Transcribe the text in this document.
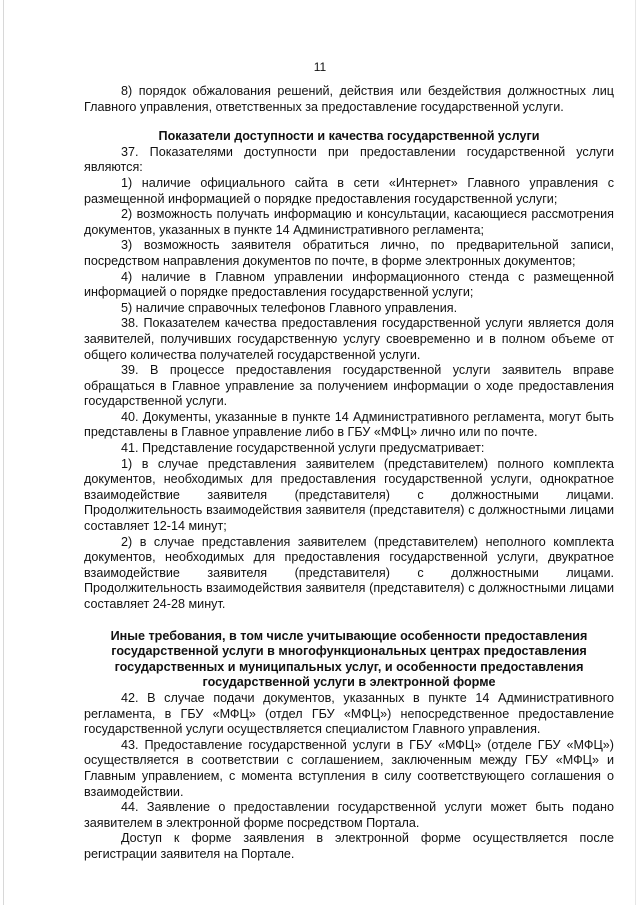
11

8) порядок обжалования решений, действия или бездействия должностных лиц Главного управления, ответственных за предоставление государственной услуги.

Показатели доступности и качества государственной услуги

37. Показателями доступности при предоставлении государственной услуги являются:

1) наличие официального сайта в сети «Интернет» Главного управления с размещенной информацией о порядке предоставления государственной услуги;

2) возможность получать информацию и консультации, касающиеся рассмотрения документов, указанных в пункте 14 Административного регламента;

3) возможность заявителя обратиться лично, по предварительной записи, посредством направления документов по почте, в форме электронных документов;

4) наличие в Главном управлении информационного стенда с размещенной информацией о порядке предоставления государственной услуги;

5) наличие справочных телефонов Главного управления.

38. Показателем качества предоставления государственной услуги является доля заявителей, получивших государственную услугу своевременно и в полном объеме от общего количества получателей государственной услуги.

39. В процессе предоставления государственной услуги заявитель вправе обращаться в Главное управление за получением информации о ходе предоставления государственной услуги.

40. Документы, указанные в пункте 14 Административного регламента, могут быть представлены в Главное управление либо в ГБУ «МФЦ» лично или по почте.

41. Представление государственной услуги предусматривает:

1) в случае представления заявителем (представителем) полного комплекта документов, необходимых для предоставления государственной услуги, однократное взаимодействие заявителя (представителя) с должностными лицами. Продолжительность взаимодействия заявителя (представителя) с должностными лицами составляет 12-14 минут;

2) в случае представления заявителем (представителем) неполного комплекта документов, необходимых для предоставления государственной услуги, двукратное взаимодействие заявителя (представителя) с должностными лицами. Продолжительность взаимодействия заявителя (представителя) с должностными лицами составляет 24-28 минут.

Иные требования, в том числе учитывающие особенности предоставления государственной услуги в многофункциональных центрах предоставления государственных и муниципальных услуг, и особенности предоставления государственной услуги в электронной форме

42. В случае подачи документов, указанных в пункте 14 Административного регламента, в ГБУ «МФЦ» (отдел ГБУ «МФЦ») непосредственное предоставление государственной услуги осуществляется специалистом Главного управления.

43. Предоставление государственной услуги в ГБУ «МФЦ» (отделе ГБУ «МФЦ») осуществляется в соответствии с соглашением, заключенным между ГБУ «МФЦ» и Главным управлением, с момента вступления в силу соответствующего соглашения о взаимодействии.

44. Заявление о предоставлении государственной услуги может быть подано заявителем в электронной форме посредством Портала.

Доступ к форме заявления в электронной форме осуществляется после регистрации заявителя на Портале.
